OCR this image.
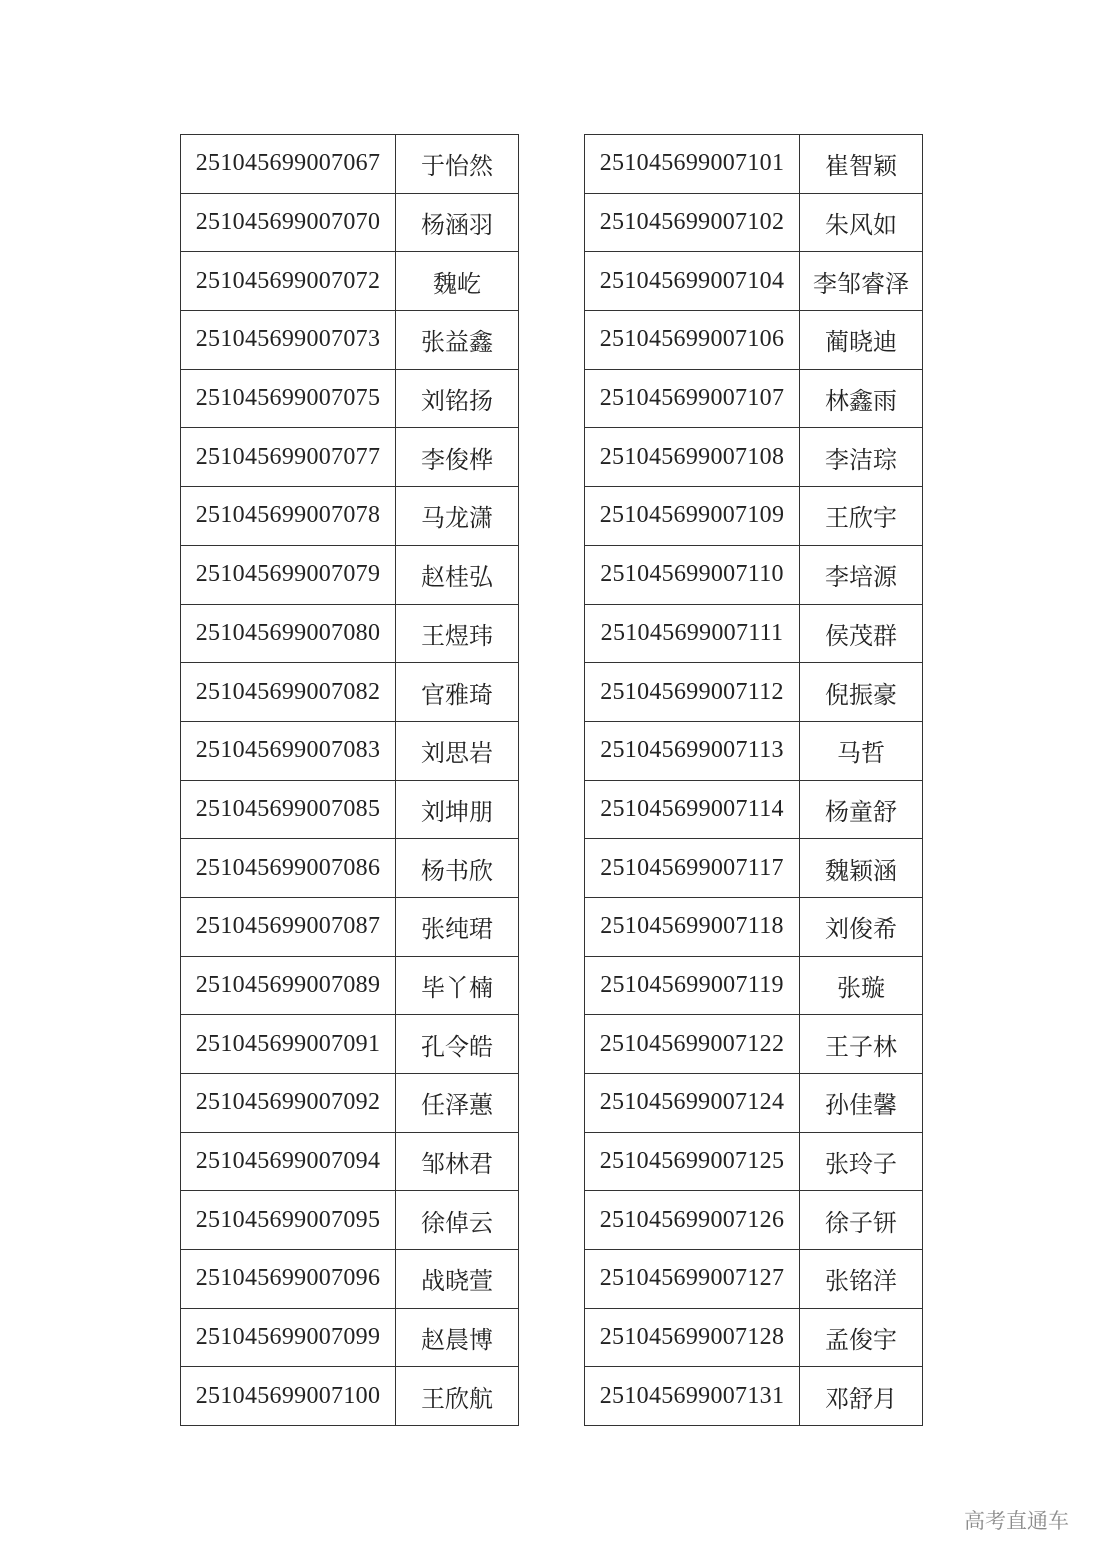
251045699007067	于怡然
251045699007070	杨涵羽
251045699007072	魏屹
251045699007073	张益鑫
251045699007075	刘铭扬
251045699007077	李俊桦
251045699007078	马龙潇
251045699007079	赵桂弘
251045699007080	王煜玮
251045699007082	官雅琦
251045699007083	刘思岩
251045699007085	刘坤朋
251045699007086	杨书欣
251045699007087	张纯珺
251045699007089	毕丫楠
251045699007091	孔令皓
251045699007092	任泽蕙
251045699007094	邹林君
251045699007095	徐倬云
251045699007096	战晓萱
251045699007099	赵晨博
251045699007100	王欣航
251045699007101	崔智颖
251045699007102	朱风如
251045699007104	李邹睿泽
251045699007106	蔺晓迪
251045699007107	林鑫雨
251045699007108	李洁琮
251045699007109	王欣宇
251045699007110	李培源
251045699007111	侯茂群
251045699007112	倪振豪
251045699007113	马哲
251045699007114	杨童舒
251045699007117	魏颖涵
251045699007118	刘俊希
251045699007119	张璇
251045699007122	王子林
251045699007124	孙佳馨
251045699007125	张玲子
251045699007126	徐子钘
251045699007127	张铭洋
251045699007128	孟俊宇
251045699007131	邓舒月
高考直通车
